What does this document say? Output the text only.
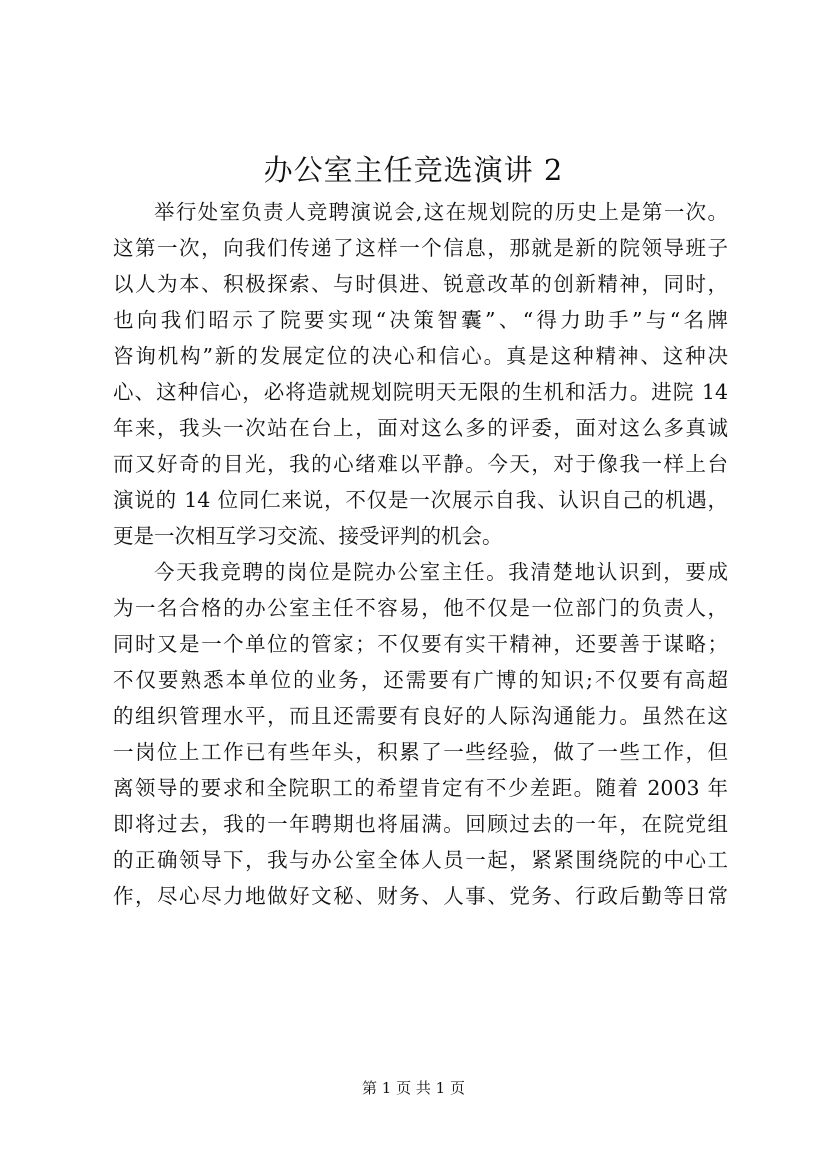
办公室主任竞选演讲 2
举行处室负责人竞聘演说会,这在规划院的历史上是第一次。
这第一次，向我们传递了这样一个信息，那就是新的院领导班子
以人为本、积极探索、与时俱进、锐意改革的创新精神，同时，
也向我们昭示了院要实现“决策智囊”、“得力助手”与“名牌
咨询机构”新的发展定位的决心和信心。真是这种精神、这种决
心、这种信心，必将造就规划院明天无限的生机和活力。进院 14
年来，我头一次站在台上，面对这么多的评委，面对这么多真诚
而又好奇的目光，我的心绪难以平静。今天，对于像我一样上台
演说的 14 位同仁来说，不仅是一次展示自我、认识自己的机遇，
更是一次相互学习交流、接受评判的机会。
今天我竞聘的岗位是院办公室主任。我清楚地认识到，要成
为一名合格的办公室主任不容易，他不仅是一位部门的负责人，
同时又是一个单位的管家；不仅要有实干精神，还要善于谋略；
不仅要熟悉本单位的业务，还需要有广博的知识;不仅要有高超
的组织管理水平，而且还需要有良好的人际沟通能力。虽然在这
一岗位上工作已有些年头，积累了一些经验，做了一些工作，但
离领导的要求和全院职工的希望肯定有不少差距。随着 2003 年
即将过去，我的一年聘期也将届满。回顾过去的一年，在院党组
的正确领导下，我与办公室全体人员一起，紧紧围绕院的中心工
作，尽心尽力地做好文秘、财务、人事、党务、行政后勤等日常
第 1 页 共 1 页
